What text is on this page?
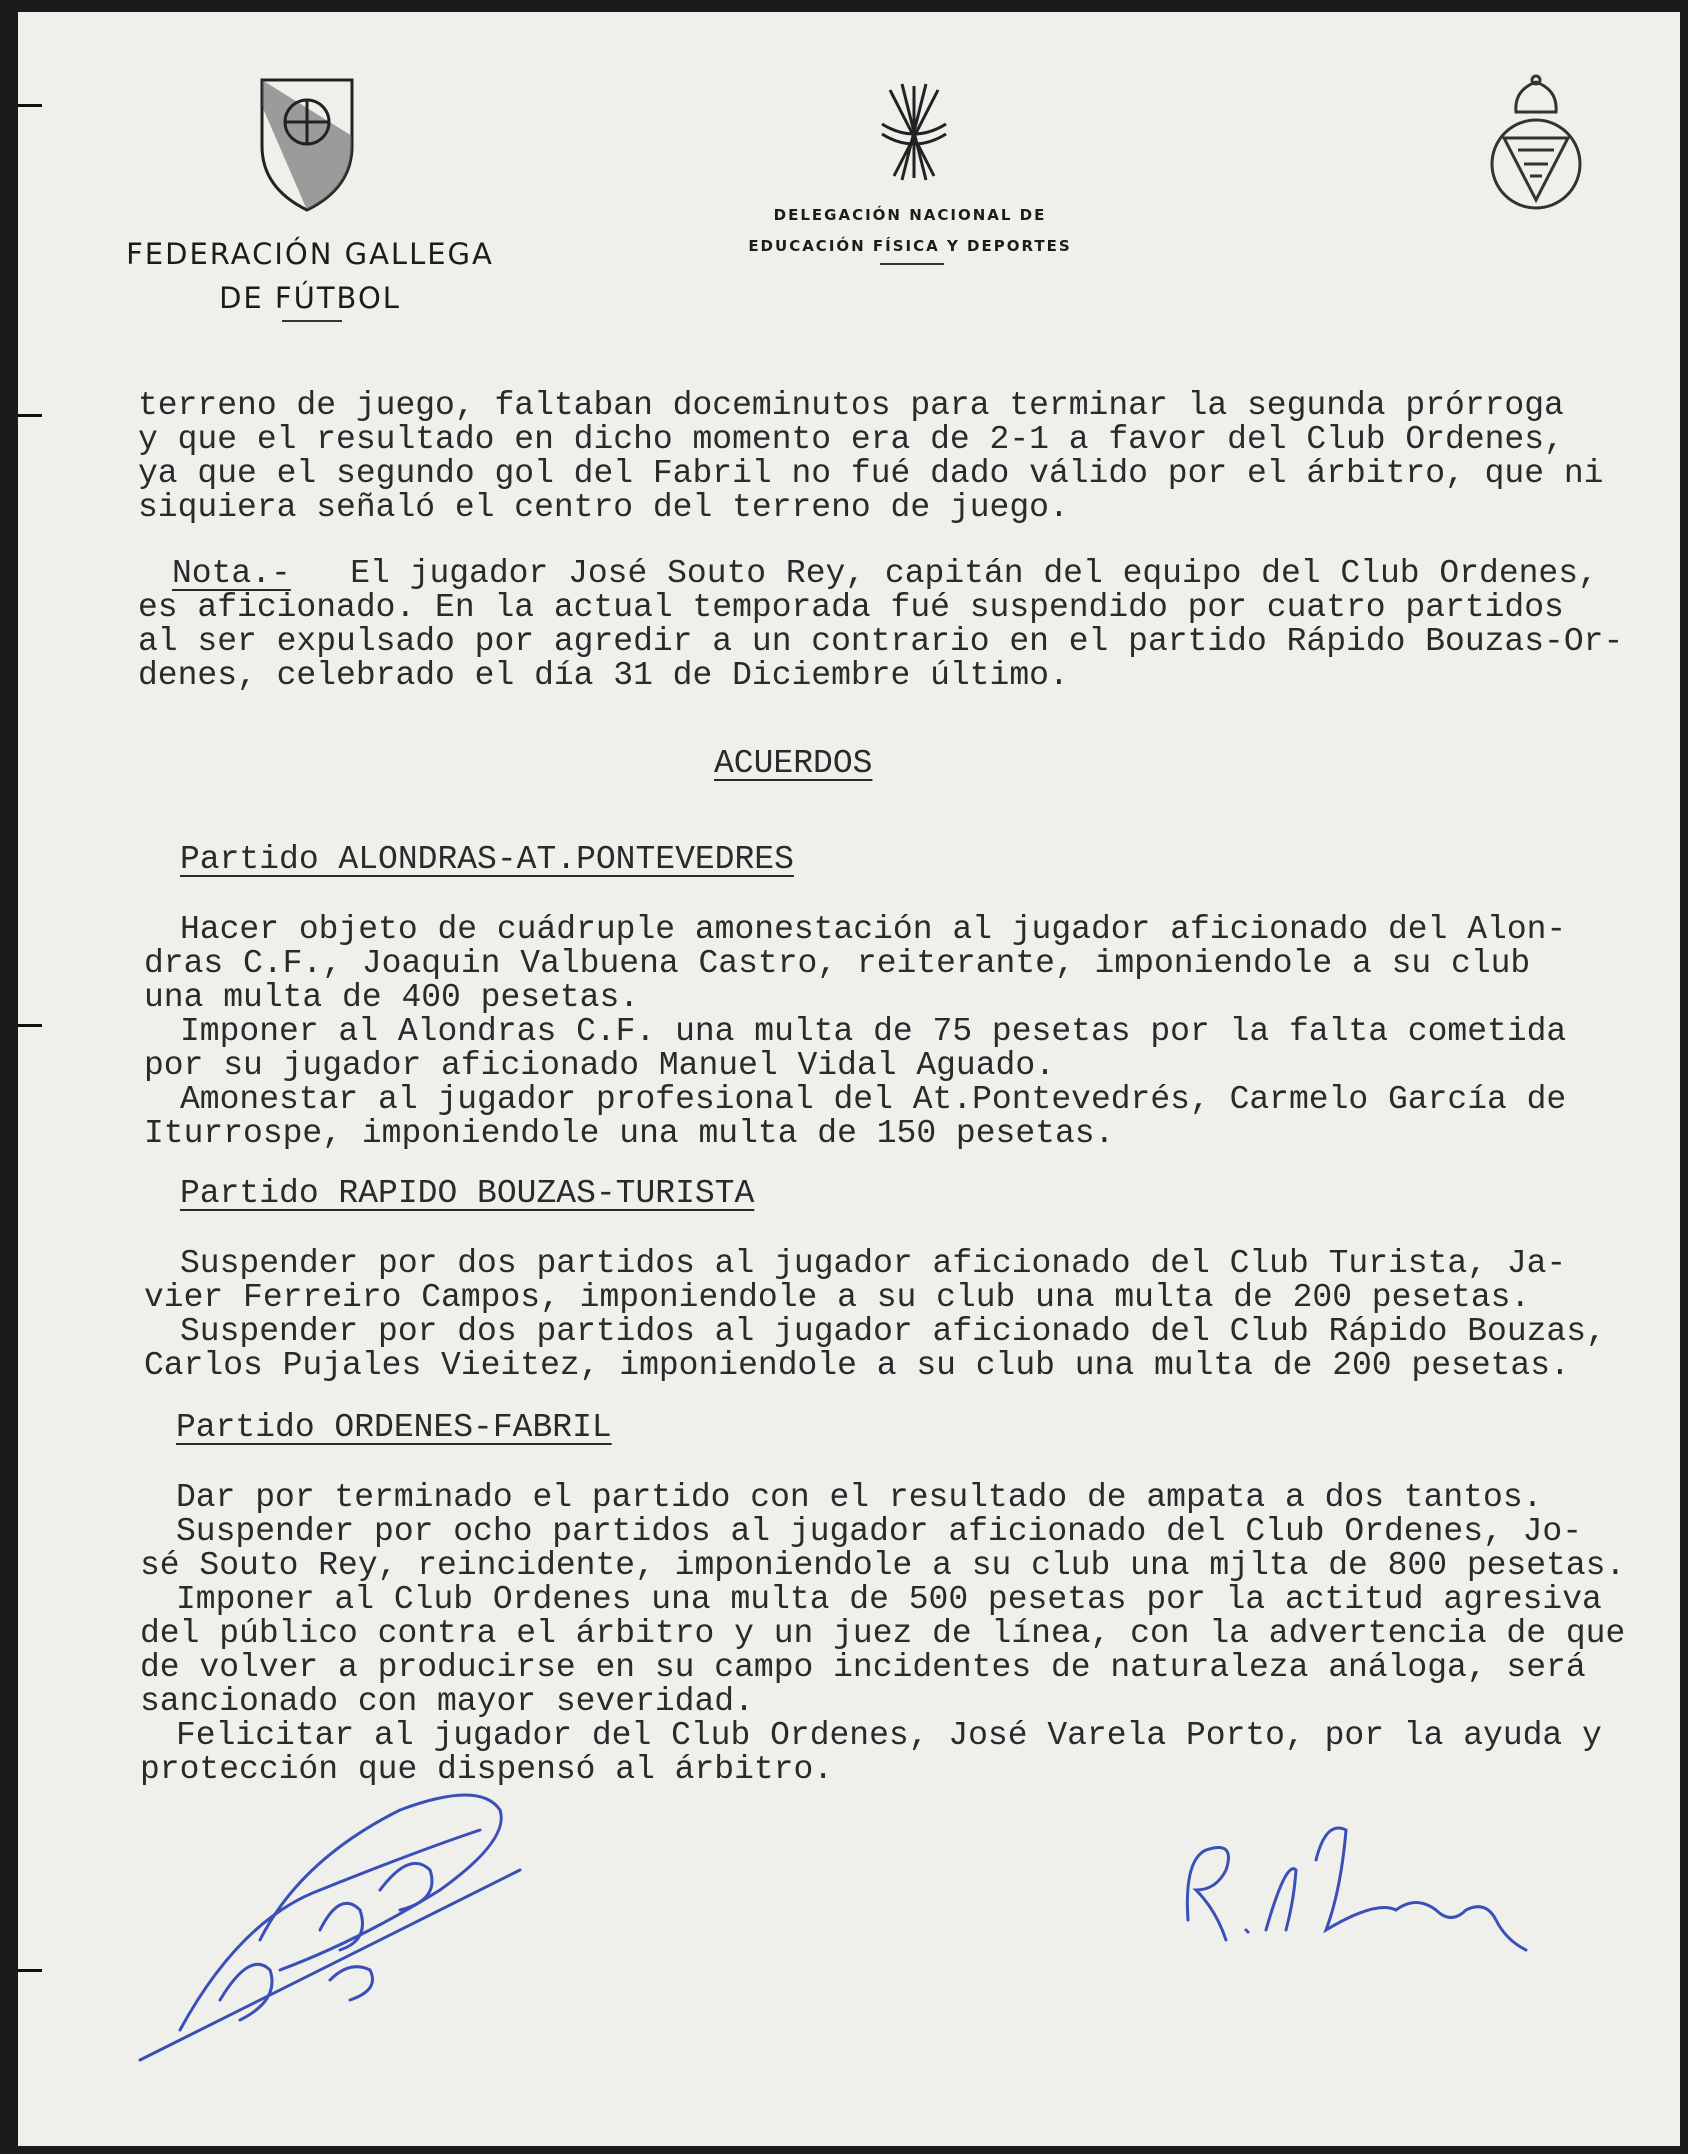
FEDERACIÓN GALLEGA
DE FÚTBOL
DELEGACIÓN NACIONAL DE
EDUCACIÓN FÍSICA Y DEPORTES
terreno de juego, faltaban doceminutos para terminar la segunda prórroga
y que el resultado en dicho momento era de 2-1 a favor del Club Ordenes,
ya que el segundo gol del Fabril no fué dado válido por el árbitro, que ni
siquiera señaló el centro del terreno de juego.
Nota.-   El jugador José Souto Rey, capitán del equipo del Club Ordenes,
es aficionado. En la actual temporada fué suspendido por cuatro partidos
al ser expulsado por agredir a un contrario en el partido Rápido Bouzas-Or-
denes, celebrado el día 31 de Diciembre último.
ACUERDOS
Partido ALONDRAS-AT.PONTEVEDRES
Hacer objeto de cuádruple amonestación al jugador aficionado del Alon-
dras C.F., Joaquin Valbuena Castro, reiterante, imponiendole a su club
una multa de 400 pesetas.
Imponer al Alondras C.F. una multa de 75 pesetas por la falta cometida
por su jugador aficionado Manuel Vidal Aguado.
Amonestar al jugador profesional del At.Pontevedrés, Carmelo García de
Iturrospe, imponiendole una multa de 150 pesetas.
Partido RAPIDO BOUZAS-TURISTA
Suspender por dos partidos al jugador aficionado del Club Turista, Ja-
vier Ferreiro Campos, imponiendole a su club una multa de 200 pesetas.
Suspender por dos partidos al jugador aficionado del Club Rápido Bouzas,
Carlos Pujales Vieitez, imponiendole a su club una multa de 200 pesetas.
Partido ORDENES-FABRIL
Dar por terminado el partido con el resultado de ampata a dos tantos.
Suspender por ocho partidos al jugador aficionado del Club Ordenes, Jo-
sé Souto Rey, reincidente, imponiendole a su club una mjlta de 800 pesetas.
Imponer al Club Ordenes una multa de 500 pesetas por la actitud agresiva
del público contra el árbitro y un juez de línea, con la advertencia de que
de volver a producirse en su campo incidentes de naturaleza análoga, será
sancionado con mayor severidad.
Felicitar al jugador del Club Ordenes, José Varela Porto, por la ayuda y
protección que dispensó al árbitro.
